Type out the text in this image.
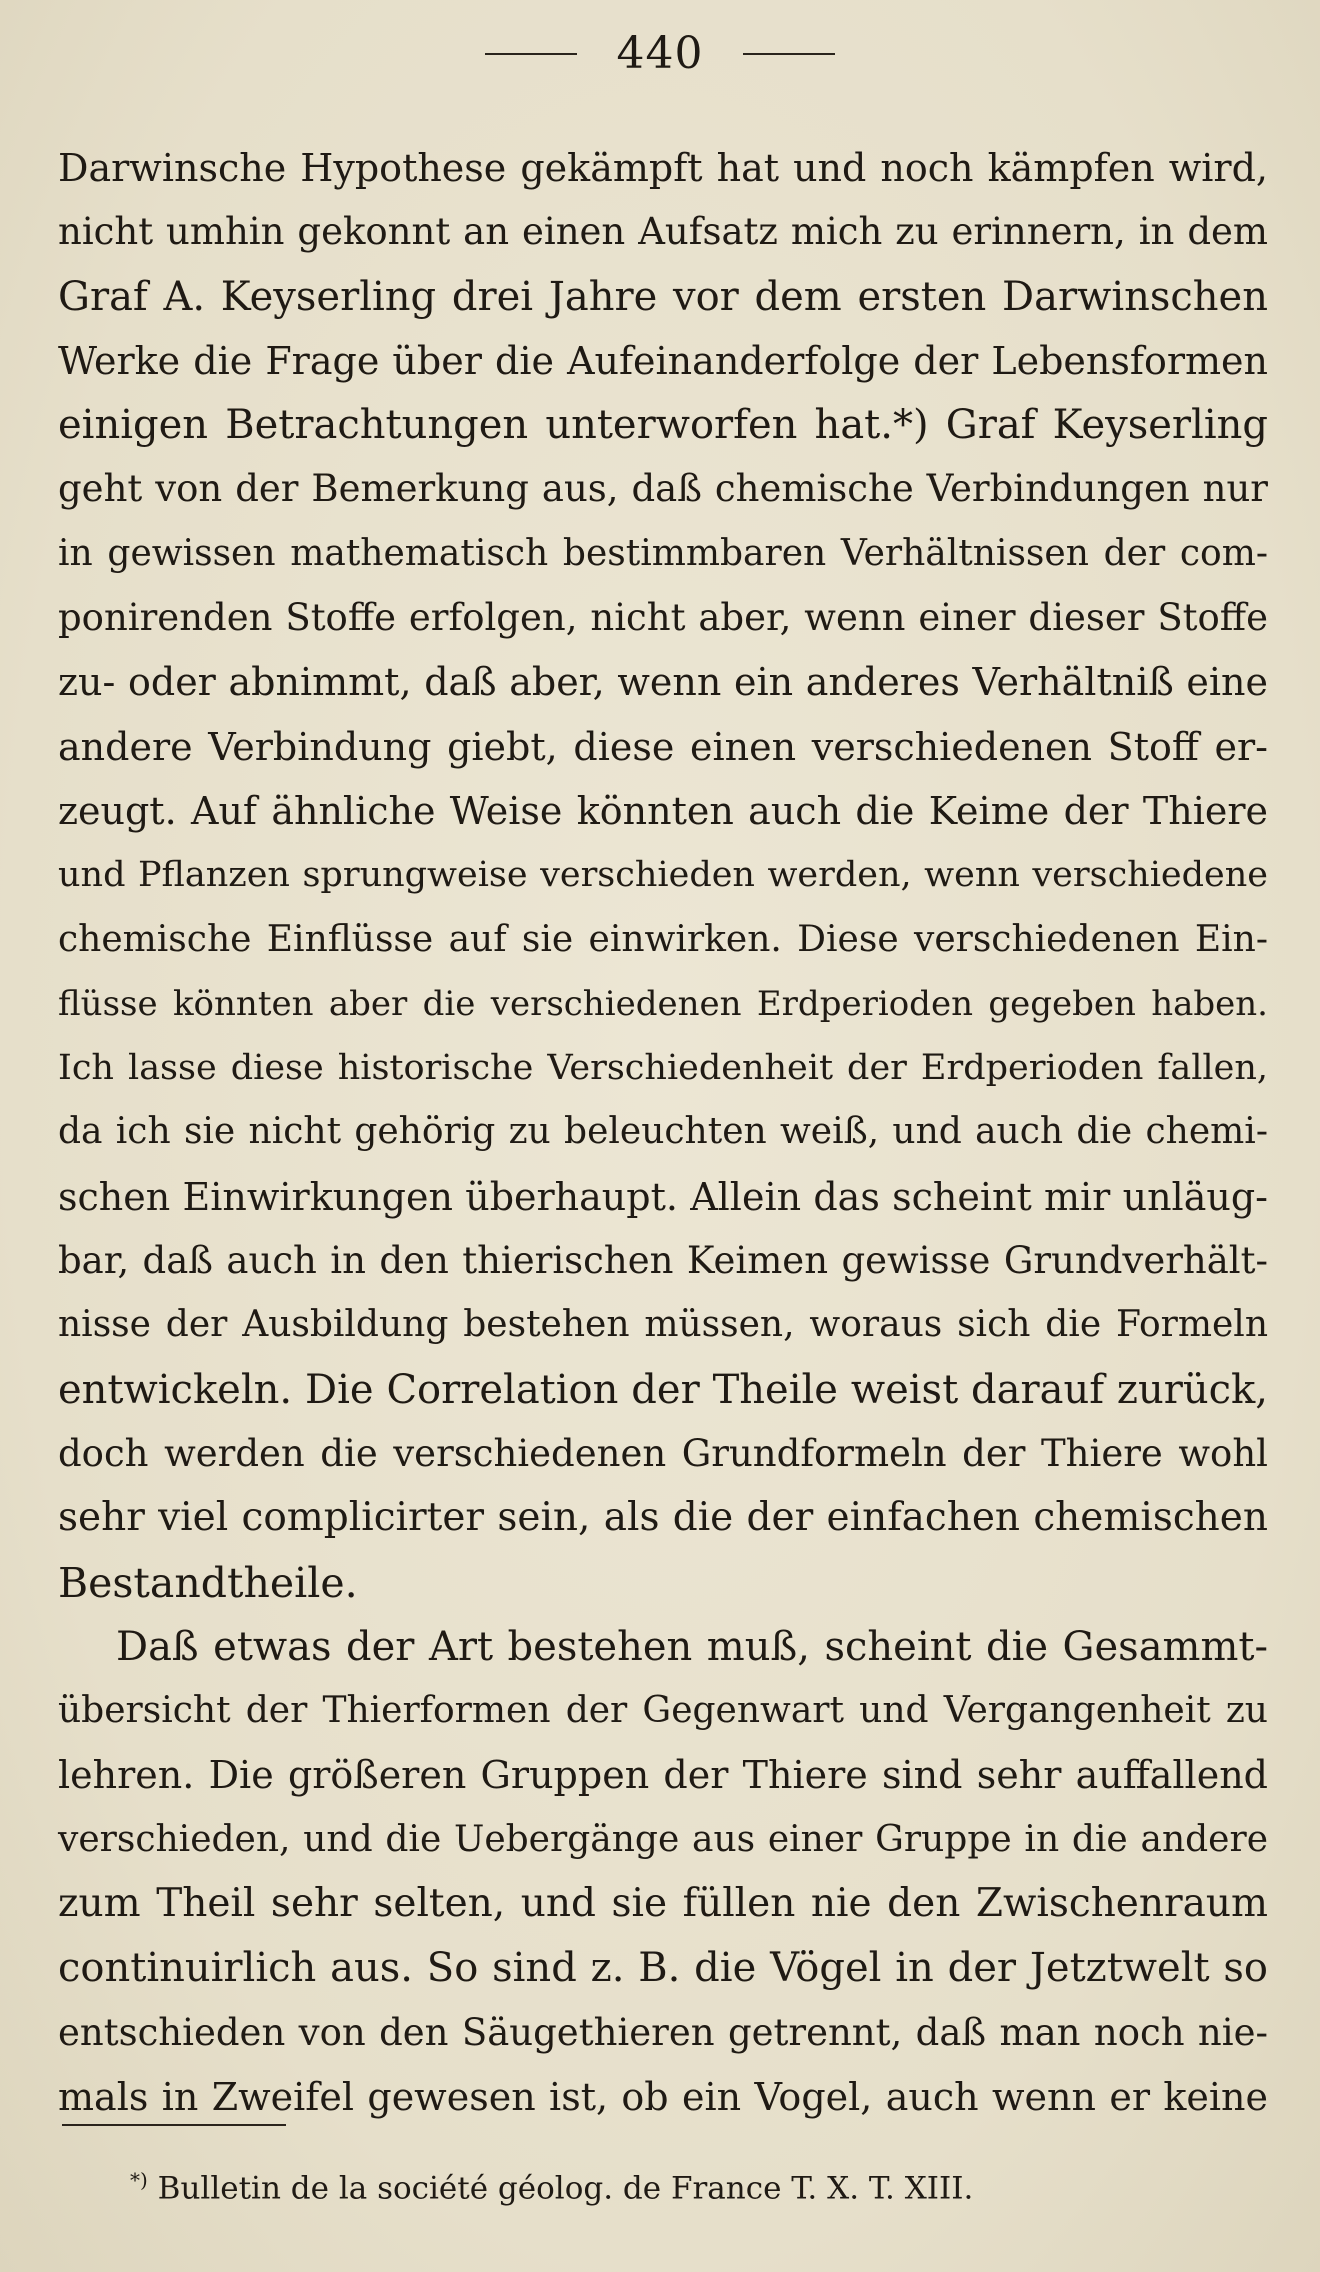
440
Darwinsche Hypothese gekämpft hat und noch kämpfen wird,
nicht umhin gekonnt an einen Aufsatz mich zu erinnern, in dem
Graf A. Keyserling drei Jahre vor dem ersten Darwinschen
Werke die Frage über die Aufeinanderfolge der Lebensformen
einigen Betrachtungen unterworfen hat.*) Graf Keyserling
geht von der Bemerkung aus, daß chemische Verbindungen nur
in gewissen mathematisch bestimmbaren Verhältnissen der com-
ponirenden Stoffe erfolgen, nicht aber, wenn einer dieser Stoffe
zu- oder abnimmt, daß aber, wenn ein anderes Verhältniß eine
andere Verbindung giebt, diese einen verschiedenen Stoff er-
zeugt. Auf ähnliche Weise könnten auch die Keime der Thiere
und Pflanzen sprungweise verschieden werden, wenn verschiedene
chemische Einflüsse auf sie einwirken. Diese verschiedenen Ein-
flüsse könnten aber die verschiedenen Erdperioden gegeben haben.
Ich lasse diese historische Verschiedenheit der Erdperioden fallen,
da ich sie nicht gehörig zu beleuchten weiß, und auch die chemi-
schen Einwirkungen überhaupt. Allein das scheint mir unläug-
bar, daß auch in den thierischen Keimen gewisse Grundverhält-
nisse der Ausbildung bestehen müssen, woraus sich die Formeln
entwickeln. Die Correlation der Theile weist darauf zurück,
doch werden die verschiedenen Grundformeln der Thiere wohl
sehr viel complicirter sein, als die der einfachen chemischen
Bestandtheile.
Daß etwas der Art bestehen muß, scheint die Gesammt-
übersicht der Thierformen der Gegenwart und Vergangenheit zu
lehren. Die größeren Gruppen der Thiere sind sehr auffallend
verschieden, und die Uebergänge aus einer Gruppe in die andere
zum Theil sehr selten, und sie füllen nie den Zwischenraum
continuirlich aus. So sind z. B. die Vögel in der Jetztwelt so
entschieden von den Säugethieren getrennt, daß man noch nie-
mals in Zweifel gewesen ist, ob ein Vogel, auch wenn er keine
*) Bulletin de la société géolog. de France T. X. T. XIII.
